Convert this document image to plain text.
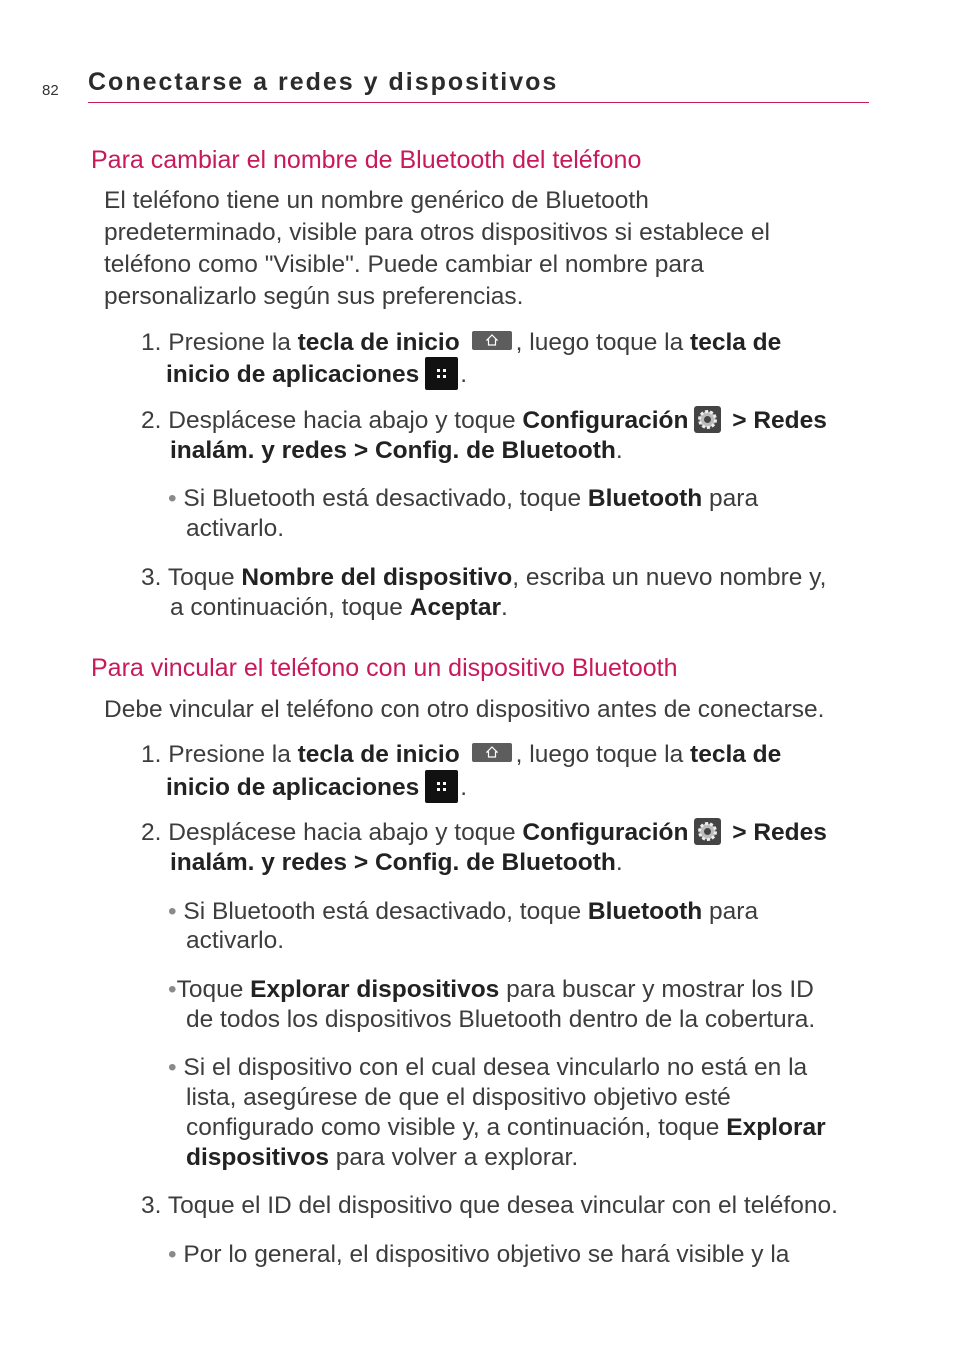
82 Conectarse a redes y dispositivos
Para cambiar el nombre de Bluetooth del teléfono
El teléfono tiene un nombre genérico de Bluetooth
predeterminado, visible para otros dispositivos si establece el
teléfono como "Visible". Puede cambiar el nombre para
personalizarlo según sus preferencias.
1. Presione la tecla de inicio , luego toque la tecla de
inicio de aplicaciones .
2. Desplácese hacia abajo y toque Configuración > Redes
inalám. y redes > Config. de Bluetooth.
• Si Bluetooth está desactivado, toque Bluetooth para
activarlo.
3. Toque Nombre del dispositivo, escriba un nuevo nombre y,
a continuación, toque Aceptar.
Para vincular el teléfono con un dispositivo Bluetooth
Debe vincular el teléfono con otro dispositivo antes de conectarse.
1. Presione la tecla de inicio , luego toque la tecla de
inicio de aplicaciones .
2. Desplácese hacia abajo y toque Configuración > Redes
inalám. y redes > Config. de Bluetooth.
• Si Bluetooth está desactivado, toque Bluetooth para
activarlo.
•Toque Explorar dispositivos para buscar y mostrar los ID
de todos los dispositivos Bluetooth dentro de la cobertura.
• Si el dispositivo con el cual desea vincularlo no está en la
lista, asegúrese de que el dispositivo objetivo esté
configurado como visible y, a continuación, toque Explorar
dispositivos para volver a explorar.
3. Toque el ID del dispositivo que desea vincular con el teléfono.
• Por lo general, el dispositivo objetivo se hará visible y la
